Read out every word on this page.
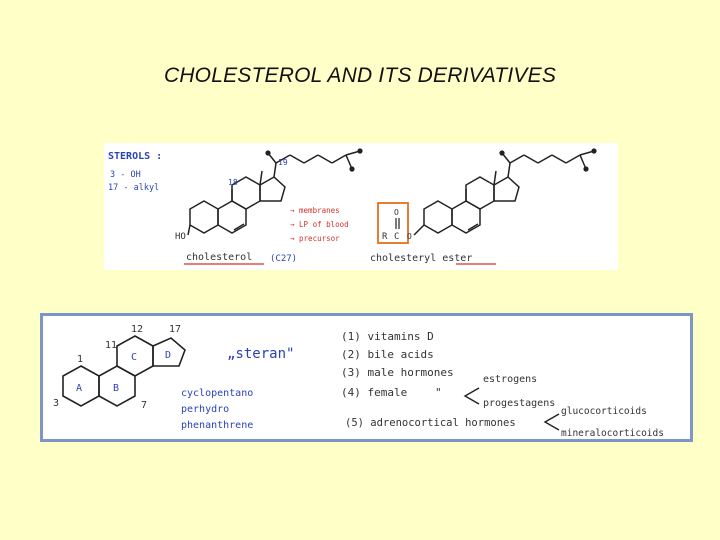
CHOLESTEROL AND ITS DERIVATIVES
STEROLS :
3 - OH
17 - alkyl
19
18
HO
cholesterol (C27)
→ membranes
→ LP of blood
→ precursor	R C
O
O
cholesteryl ester
A	B
C	D
1
3	7
11
12	17
„steran"
cyclopentano
perhydro
phenanthrene
(1) vitamins D
(2) bile acids
(3) male hormones
(4) female	"
(5) adrenocortical hormones
estrogens
progestagens
glucocorticoids
mineralocorticoids
